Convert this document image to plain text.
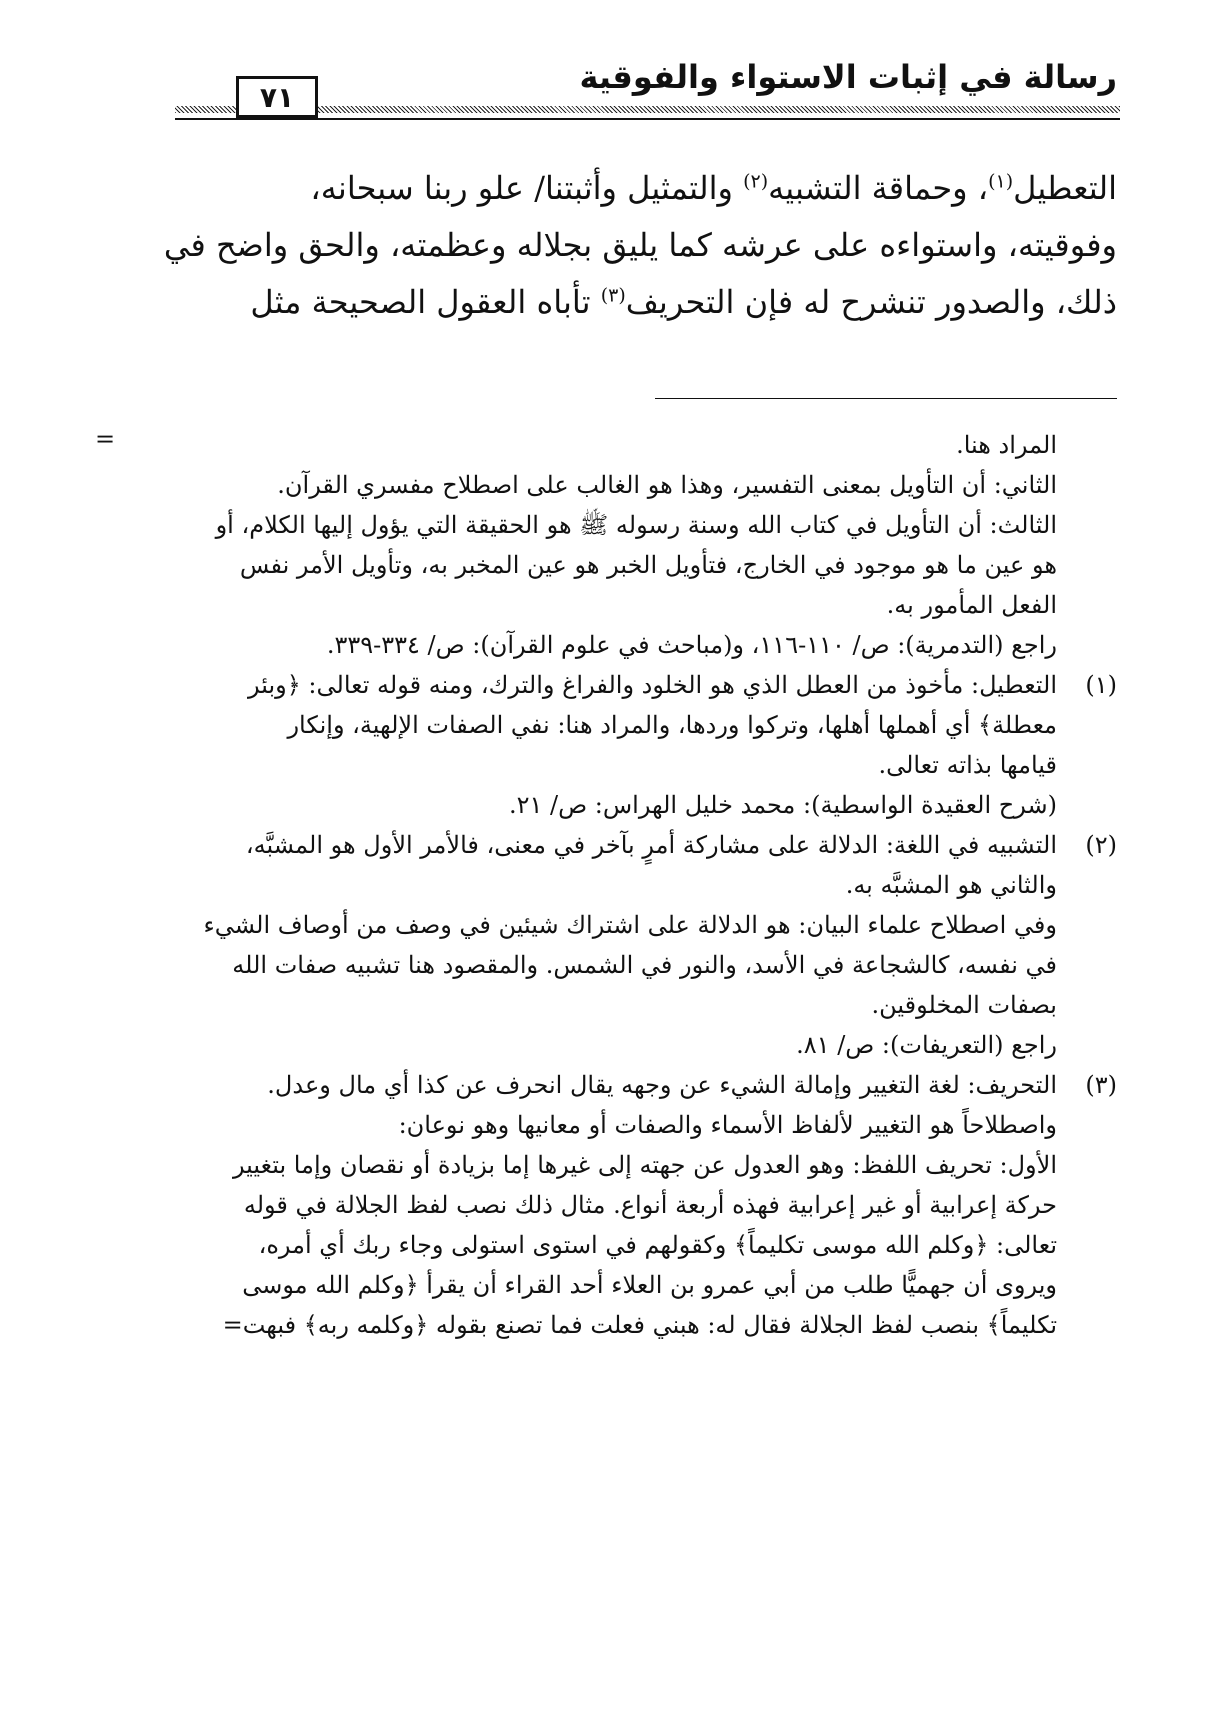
رسالة في إثبات الاستواء والفوقية
٧١
التعطيل$^{(١)}$، وحماقة التشبيه$^{(٢)}$ والتمثيل وأثبتنا/ علو ربنا سبحانه،
وفوقيته، واستواءه على عرشه كما يليق بجلاله وعظمته، والحق واضح في
ذلك، والصدور تنشرح له فإن التحريف$^{(٣)}$ تأباه العقول الصحيحة مثل
=	المراد هنا.
الثاني: أن التأويل بمعنى التفسير، وهذا هو الغالب على اصطلاح مفسري القرآن.
الثالث: أن التأويل في كتاب الله وسنة رسوله ﷺ هو الحقيقة التي يؤول إليها الكلام، أو
هو عين ما هو موجود في الخارج، فتأويل الخبر هو عين المخبر به، وتأويل الأمر نفس
الفعل المأمور به.
راجع (التدمرية): ص/ ١١٠-١١٦، و(مباحث في علوم القرآن): ص/ ٣٣٤-٣٣٩.
(١)التعطيل: مأخوذ من العطل الذي هو الخلود والفراغ والترك، ومنه قوله تعالى: ﴿وبئر
معطلة﴾ أي أهملها أهلها، وتركوا وردها، والمراد هنا: نفي الصفات الإلهية، وإنكار
قيامها بذاته تعالى.
(شرح العقيدة الواسطية): محمد خليل الهراس: ص/ ٢١.
(٢)التشبيه في اللغة: الدلالة على مشاركة أمرٍ بآخر في معنى، فالأمر الأول هو المشبَّه،
والثاني هو المشبَّه به.
وفي اصطلاح علماء البيان: هو الدلالة على اشتراك شيئين في وصف من أوصاف الشيء
في نفسه، كالشجاعة في الأسد، والنور في الشمس. والمقصود هنا تشبيه صفات الله
بصفات المخلوقين.
راجع (التعريفات): ص/ ٨١.
(٣)التحريف: لغة التغيير وإمالة الشيء عن وجهه يقال انحرف عن كذا أي مال وعدل.
واصطلاحاً هو التغيير لألفاظ الأسماء والصفات أو معانيها وهو نوعان:
الأول: تحريف اللفظ: وهو العدول عن جهته إلى غيرها إما بزيادة أو نقصان وإما بتغيير
حركة إعرابية أو غير إعرابية فهذه أربعة أنواع. مثال ذلك نصب لفظ الجلالة في قوله
تعالى: ﴿وكلم الله موسى تكليماً﴾ وكقولهم في استوى استولى وجاء ربك أي أمره،
ويروى أن جهميًّا طلب من أبي عمرو بن العلاء أحد القراء أن يقرأ ﴿وكلم الله موسى
تكليماً﴾ بنصب لفظ الجلالة فقال له: هبني فعلت فما تصنع بقوله ﴿وكلمه ربه﴾ فبهت=
